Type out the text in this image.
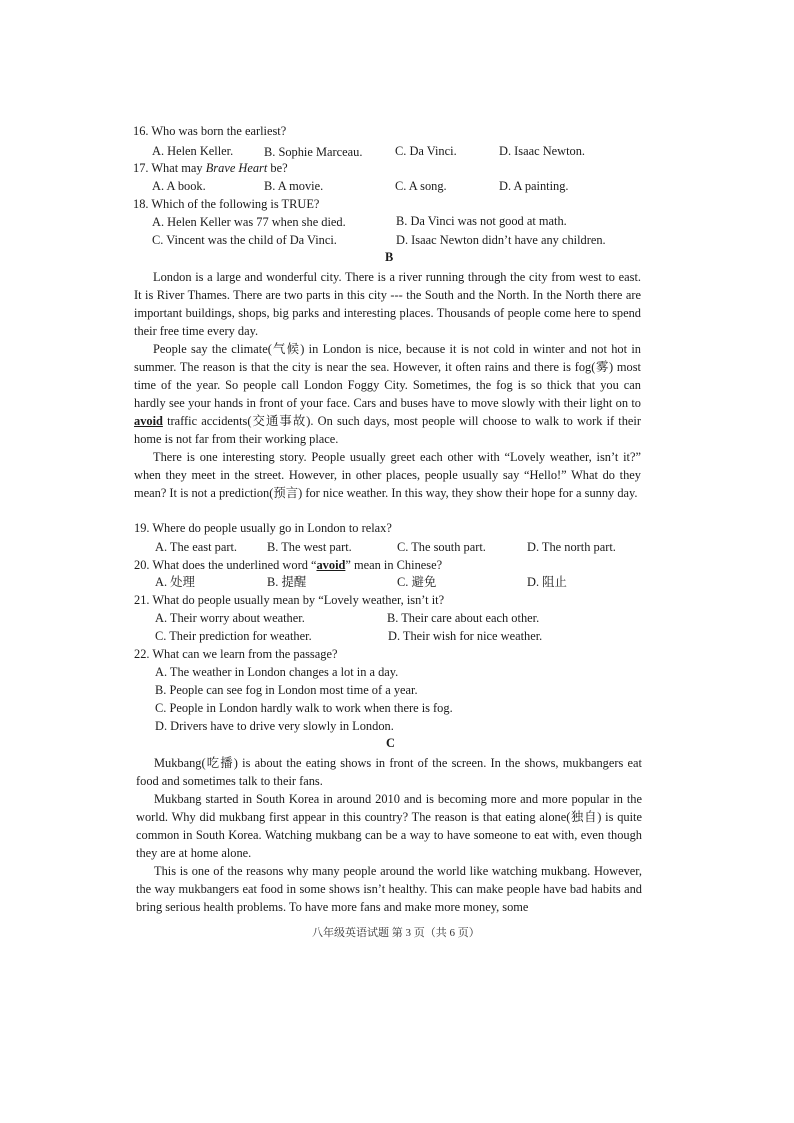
16. Who was born the earliest?
A. Helen Keller. B. Sophie Marceau.	C. Da Vinci.	D. Isaac Newton.
17. What may Brave Heart be?
A. A book.	B. A movie.	C. A song.	D. A painting.
18. Which of the following is TRUE?
A. Helen Keller was 77 when she died.	B. Da Vinci was not good at math.
C. Vincent was the child of Da Vinci.	D. Isaac Newton didn’t have any children.
B
London is a large and wonderful city. There is a river running through the city from west to east. It is River Thames. There are two parts in this city --- the South and the North. In the North there are important buildings, shops, big parks and interesting places. Thousands of people come here to spend their free time every day.
People say the climate(气候) in London is nice, because it is not cold in winter and not hot in summer. The reason is that the city is near the sea. However, it often rains and there is fog(雾) most time of the year. So people call London Foggy City. Sometimes, the fog is so thick that you can hardly see your hands in front of your face. Cars and buses have to move slowly with their light on to avoid traffic accidents(交通事故). On such days, most people will choose to walk to work if their home is not far from their working place.
There is one interesting story. People usually greet each other with “Lovely weather, isn’t it?” when they meet in the street. However, in other places, people usually say “Hello!” What do they mean? It is not a prediction(预言) for nice weather. In this way, they show their hope for a sunny day.
19. Where do people usually go in London to relax?
A. The east part. B. The west part.	C. The south part.	D. The north part.
20. What does the underlined word “avoid” mean in Chinese?
A. 处理	B. 提醒	C. 避免	D. 阻止
21. What do people usually mean by “Lovely weather, isn’t it?
A. Their worry about weather.	B. Their care about each other.
C. Their prediction for weather.	D. Their wish for nice weather.
22. What can we learn from the passage?
A. The weather in London changes a lot in a day.
B. People can see fog in London most time of a year.
C. People in London hardly walk to work when there is fog.
D. Drivers have to drive very slowly in London.
C
Mukbang(吃播) is about the eating shows in front of the screen. In the shows, mukbangers eat food and sometimes talk to their fans.
Mukbang started in South Korea in around 2010 and is becoming more and more popular in the world. Why did mukbang first appear in this country? The reason is that eating alone(独自) is quite common in South Korea. Watching mukbang can be a way to have someone to eat with, even though they are at home alone.
This is one of the reasons why many people around the world like watching mukbang. However, the way mukbangers eat food in some shows isn’t healthy. This can make people have bad habits and bring serious health problems. To have more fans and make more money, some
八年级英语试题 第 3 页（共 6 页）
